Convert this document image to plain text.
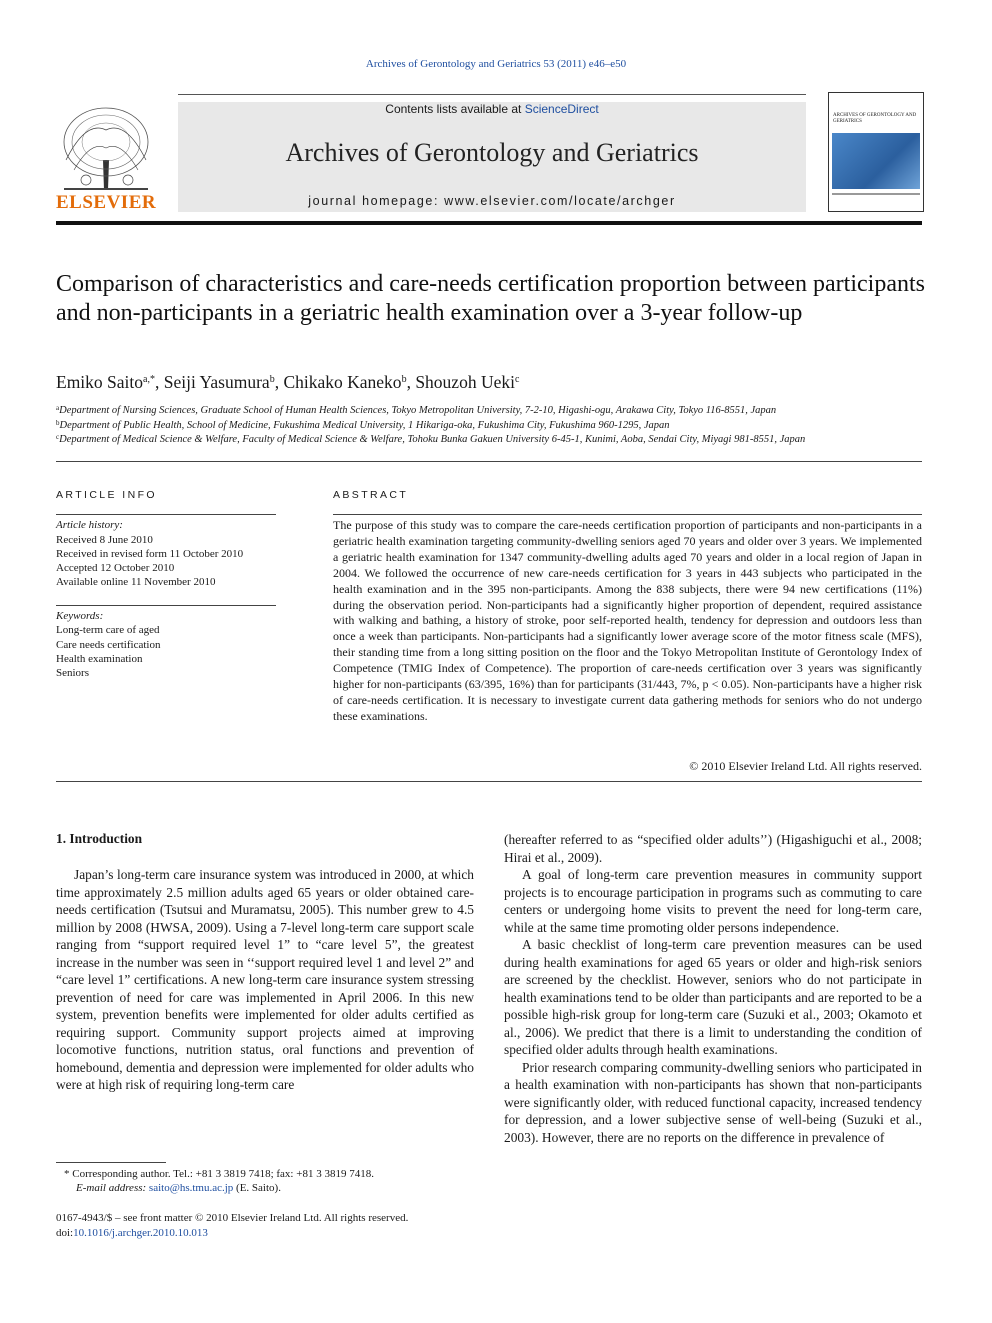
Archives of Gerontology and Geriatrics 53 (2011) e46–e50
ELSEVIER
Contents lists available at ScienceDirect
Archives of Gerontology and Geriatrics
journal homepage: www.elsevier.com/locate/archger
ARCHIVES OF GERONTOLOGY AND GERIATRICS
Comparison of characteristics and care-needs certification proportion between participants and non-participants in a geriatric health examination over a 3-year follow-up
Emiko Saito$^{a,*}$, Seiji Yasumura$^b$, Chikako Kaneko$^b$, Shouzoh Ueki$^c$
$^a$Department of Nursing Sciences, Graduate School of Human Health Sciences, Tokyo Metropolitan University, 7-2-10, Higashi-ogu, Arakawa City, Tokyo 116-8551, Japan
$^b$Department of Public Health, School of Medicine, Fukushima Medical University, 1 Hikariga-oka, Fukushima City, Fukushima 960-1295, Japan
$^c$Department of Medical Science & Welfare, Faculty of Medical Science & Welfare, Tohoku Bunka Gakuen University 6-45-1, Kunimi, Aoba, Sendai City, Miyagi 981-8551, Japan
ARTICLE INFO
Article history:
Received 8 June 2010
Received in revised form 11 October 2010
Accepted 12 October 2010
Available online 11 November 2010
Keywords:
Long-term care of aged
Care needs certification
Health examination
Seniors
ABSTRACT
The purpose of this study was to compare the care-needs certification proportion of participants and non-participants in a geriatric health examination targeting community-dwelling seniors aged 70 years and older over 3 years. We implemented a geriatric health examination for 1347 community-dwelling adults aged 70 years and older in a local region of Japan in 2004. We followed the occurrence of new care-needs certification for 3 years in 443 subjects who participated in the health examination and in the 395 non-participants. Among the 838 subjects, there were 94 new certifications (11%) during the observation period. Non-participants had a significantly higher proportion of dependent, required assistance with walking and bathing, a history of stroke, poor self-reported health, tendency for depression and outdoors less than once a week than participants. Non-participants had a significantly lower average score of the motor fitness scale (MFS), their standing time from a long sitting position on the floor and the Tokyo Metropolitan Institute of Gerontology Index of Competence (TMIG Index of Competence). The proportion of care-needs certification over 3 years was significantly higher for non-participants (63/395, 16%) than for participants (31/443, 7%, p < 0.05). Non-participants have a higher risk of care-needs certification. It is necessary to investigate current data gathering methods for seniors who do not undergo these examinations.
© 2010 Elsevier Ireland Ltd. All rights reserved.
1. Introduction

Japan’s long-term care insurance system was introduced in 2000, at which time approximately 2.5 million adults aged 65 years or older obtained care-needs certification (Tsutsui and Muramatsu, 2005). This number grew to 4.5 million by 2008 (HWSA, 2009). Using a 7-level long-term care support scale ranging from “support required level 1” to “care level 5”, the greatest increase in the number was seen in ‘‘support required level 1 and level 2” and “care level 1” certifications. A new long-term care insurance system stressing prevention of need for care was implemented in April 2006. In this new system, prevention benefits were implemented for older adults certified as requiring support. Community support projects aimed at improving locomotive functions, nutrition status, oral functions and prevention of homebound, dementia and depression were implemented for older adults who were at high risk of requiring long-term care

(hereafter referred to as “specified older adults’’) (Higashiguchi et al., 2008; Hirai et al., 2009).

A goal of long-term care prevention measures in community support projects is to encourage participation in programs such as commuting to care centers or undergoing home visits to prevent the need for long-term care, while at the same time promoting older persons independence.

A basic checklist of long-term care prevention measures can be used during health examinations for aged 65 years or older and high-risk seniors are screened by the checklist. However, seniors who do not participate in health examinations tend to be older than participants and are reported to be a possible high-risk group for long-term care (Suzuki et al., 2003; Okamoto et al., 2006). We predict that there is a limit to understanding the condition of specified older adults through health examinations.

Prior research comparing community-dwelling seniors who participated in a health examination with non-participants has shown that non-participants were significantly older, with reduced functional capacity, increased tendency for depression, and a lower subjective sense of well-being (Suzuki et al., 2003). However, there are no reports on the difference in prevalence of

* Corresponding author. Tel.: +81 3 3819 7418; fax: +81 3 3819 7418.
E-mail address: saito@hs.tmu.ac.jp (E. Saito).
0167-4943/$ – see front matter © 2010 Elsevier Ireland Ltd. All rights reserved.
doi:10.1016/j.archger.2010.10.013
